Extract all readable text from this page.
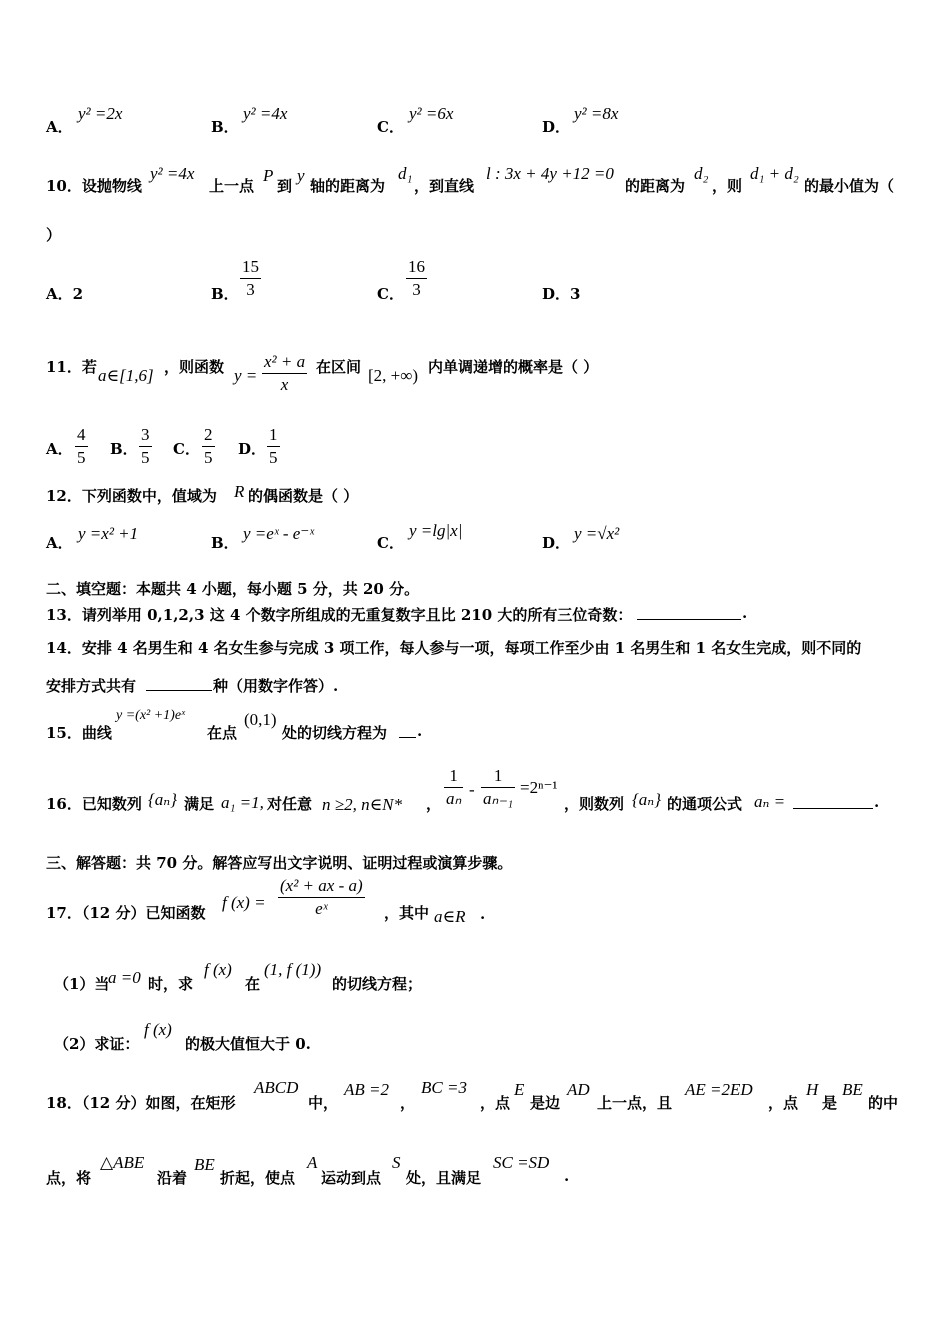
A．
y² =2x
B．
y² =4x
C．
y² =6x
D．
y² =8x
10．设抛物线
y² =4x
上一点
P
到
y
轴的距离为
d₁
，到直线
l : 3x + 4y +12 =0
的距离为
d₂
，则
d₁ + d₂
的最小值为（
）
A．2	B．
15
3	C．
16
3	D．3
11．若 a∈[1,6] ，则函数 y =
x² + a
x
在区间 [2, +∞) 内单调递增的概率是（ ）
A．
4
5 B．
3
5 C．
2
5 D．
1
5
12．下列函数中，值域为 R 的偶函数是（ ）
A． y =x² +1	B． y =eˣ - e⁻ˣ	C．
y =lg|x|
D． y =√x²
二、填空题：本题共 4 小题，每小题 5 分，共 20 分。
13．请列举用 0,1,2,3 这 4 个数字所组成的无重复数字且比 210 大的所有三位奇数：	.
14．安排 4 名男生和 4 名女生参与完成 3 项工作，每人参与一项，每项工作至少由 1 名男生和 1 名女生完成，则不同的
安排方式共有	种（用数字作答）.
15．曲线
y =(x² +1)eˣ
在点
(0,1)
处的切线方程为 .
16．已知数列 {aₙ} 满足 a₁ =1, 对任意 n ≥2, n∈N* ，
1
aₙ -
1
aₙ₋₁
=2ⁿ⁻¹
，则数列 {aₙ} 的通项公式 aₙ =	.
三、解答题：共 70 分。解答应写出文字说明、证明过程或演算步骤。
17．（12 分）已知函数
f (x) =
(x² + ax - a)
eˣ	，其中 a∈R .
（1）当
a =0 时，求
f (x)
在
(1, f (1))
的切线方程；
（2）求证：
f (x)
的极大值恒大于 0.
18．（12 分）如图，在矩形
ABCD
中，
AB =2
，
BC =3
，点
E
是边
AD
上一点，且
AE =2ED
，点
H
是
BE
的中
点，将
△ABE
沿着
BE
折起，使点
A
运动到点
S
处，且满足
SC =SD
.
